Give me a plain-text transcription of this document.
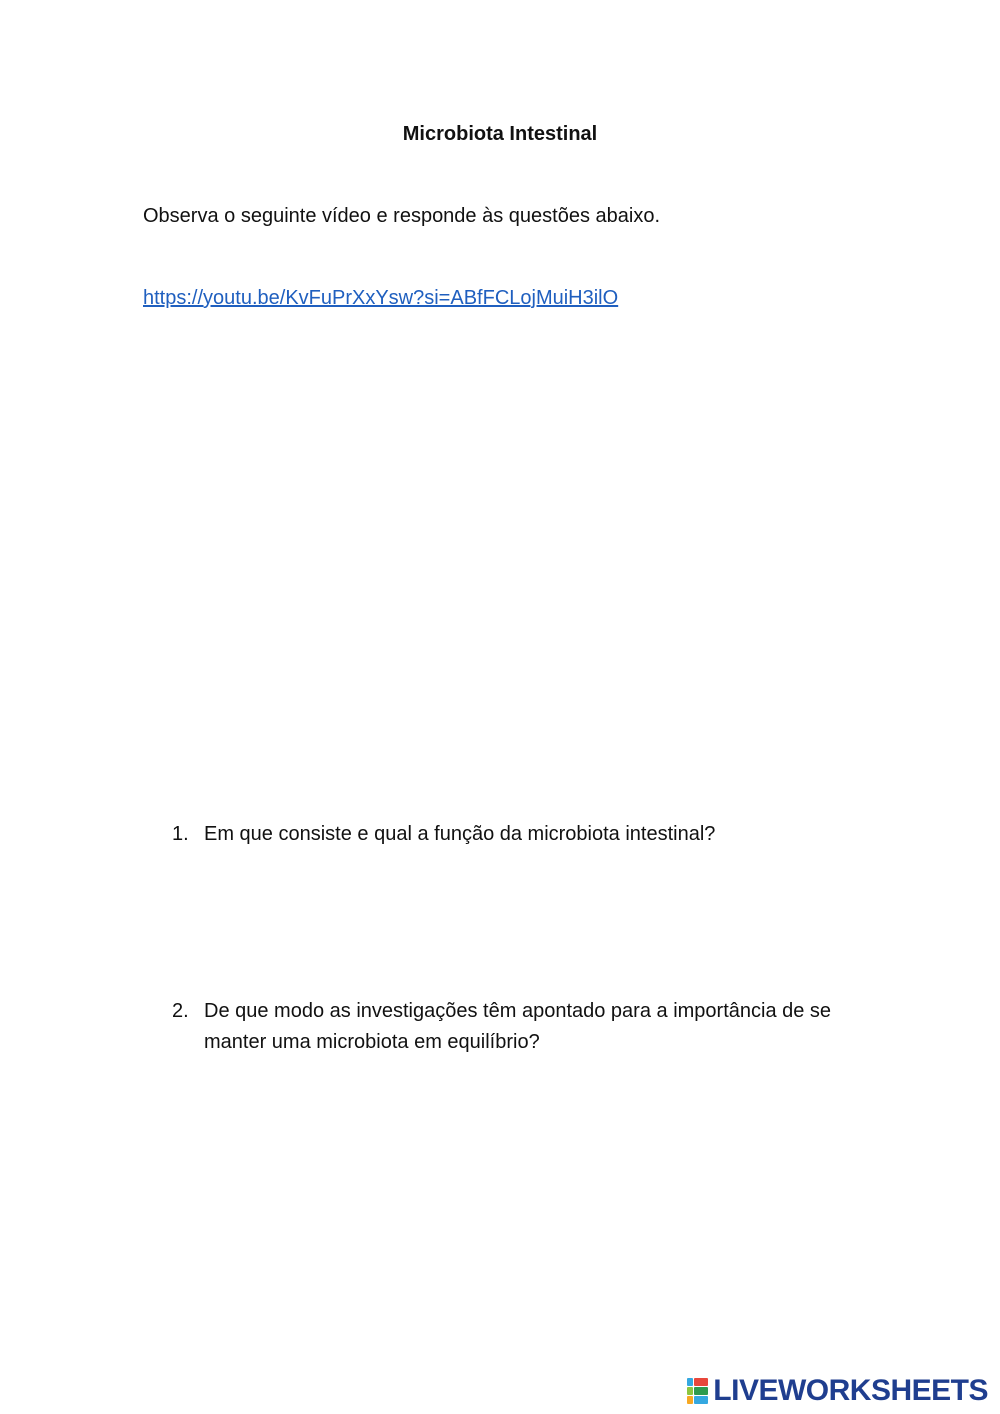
Microbiota Intestinal
Observa o seguinte vídeo e responde às questões abaixo.
https://youtu.be/KvFuPrXxYsw?si=ABfFCLojMuiH3ilO
1. Em que consiste e qual a função da microbiota intestinal?
2. De que modo as investigações têm apontado para a importância de se manter uma microbiota em equilíbrio?
LIVEWORKSHEETS
